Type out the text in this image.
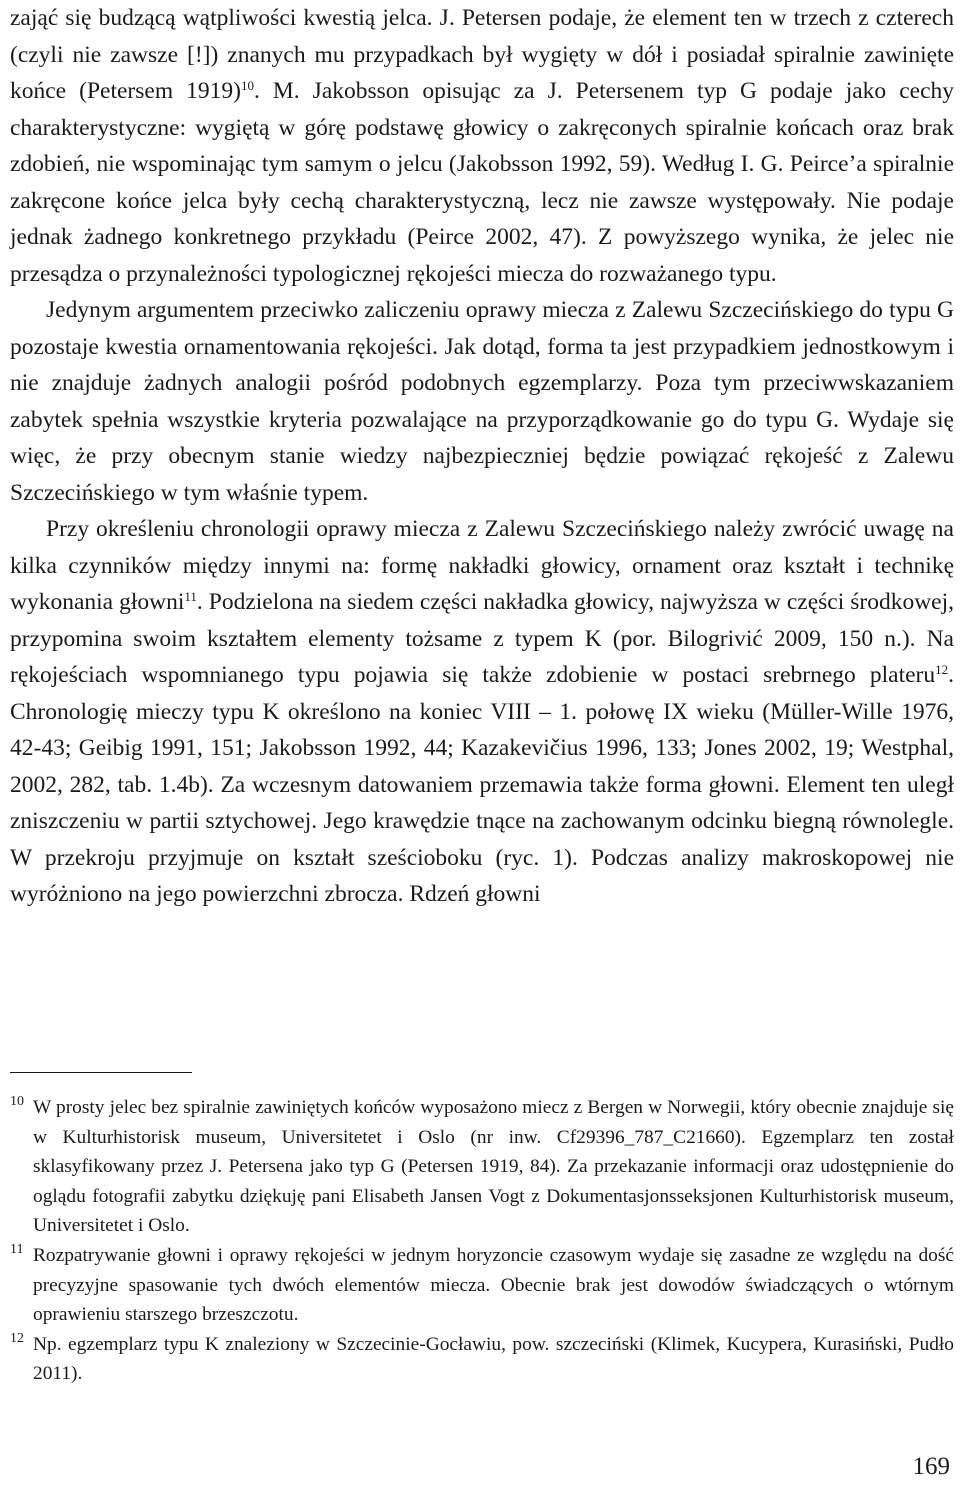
zająć się budzącą wątpliwości kwestią jelca. J. Petersen podaje, że element ten w trzech z czterech (czyli nie zawsze [!]) znanych mu przypadkach był wygięty w dół i posiadał spiralnie zawinięte końce (Petersem 1919)$^{10}$. M. Jakobsson opisując za J. Petersenem typ G podaje jako cechy charakterystyczne: wygiętą w górę podstawę głowicy o zakręconych spiralnie końcach oraz brak zdobień, nie wspominając tym samym o jelcu (Jakobsson 1992, 59). Według I. G. Peirce’a spiralnie zakręcone końce jelca były cechą charakterystyczną, lecz nie zawsze występowały. Nie podaje jednak żadnego konkretnego przykładu (Peirce 2002, 47). Z powyższego wynika, że jelec nie przesądza o przynależności typologicznej rękojeści miecza do rozważanego typu.

Jedynym argumentem przeciwko zaliczeniu oprawy miecza z Zalewu Szczecińskiego do typu G pozostaje kwestia ornamentowania rękojeści. Jak dotąd, forma ta jest przypadkiem jednostkowym i nie znajduje żadnych analogii pośród podobnych egzemplarzy. Poza tym przeciwwskazaniem zabytek spełnia wszystkie kryteria pozwalające na przyporządkowanie go do typu G. Wydaje się więc, że przy obecnym stanie wiedzy najbezpieczniej będzie powiązać rękojeść z Zalewu Szczecińskiego w tym właśnie typem.

Przy określeniu chronologii oprawy miecza z Zalewu Szczecińskiego należy zwrócić uwagę na kilka czynników między innymi na: formę nakładki głowicy, ornament oraz kształt i technikę wykonania głowni$^{11}$. Podzielona na siedem części nakładka głowicy, najwyższa w części środkowej, przypomina swoim kształtem elementy tożsame z typem K (por. Bilogrivić 2009, 150 n.). Na rękojeściach wspomnianego typu pojawia się także zdobienie w postaci srebrnego plateru$^{12}$. Chronologię mieczy typu K określono na koniec VIII – 1. połowę IX wieku (Müller-Wille 1976, 42-43; Geibig 1991, 151; Jakobsson 1992, 44; Kazakevičius 1996, 133; Jones 2002, 19; Westphal, 2002, 282, tab. 1.4b). Za wczesnym datowaniem przemawia także forma głowni. Element ten uległ zniszczeniu w partii sztychowej. Jego krawędzie tnące na zachowanym odcinku biegną równolegle. W przekroju przyjmuje on kształt sześcioboku (ryc. 1). Podczas analizy makroskopowej nie wyróżniono na jego powierzchni zbrocza. Rdzeń głowni

10 W prosty jelec bez spiralnie zawiniętych końców wyposażono miecz z Bergen w Norwegii, który obecnie znajduje się w Kulturhistorisk museum, Universitetet i Oslo (nr inw. Cf29396_787_C21660). Egzemplarz ten został sklasyfikowany przez J. Petersena jako typ G (Petersen 1919, 84). Za przekazanie informacji oraz udostępnienie do oglądu fotografii zabytku dziękuję pani Elisabeth Jansen Vogt z Dokumentasjonsseksjonen Kulturhistorisk museum, Universitetet i Oslo.
11 Rozpatrywanie głowni i oprawy rękojeści w jednym horyzoncie czasowym wydaje się zasadne ze względu na dość precyzyjne spasowanie tych dwóch elementów miecza. Obecnie brak jest dowodów świadczących o wtórnym oprawieniu starszego brzeszczotu.
12 Np. egzemplarz typu K znaleziony w Szczecinie-Gocławiu, pow. szczeciński (Klimek, Kucypera, Kurasiński, Pudło 2011).
169
